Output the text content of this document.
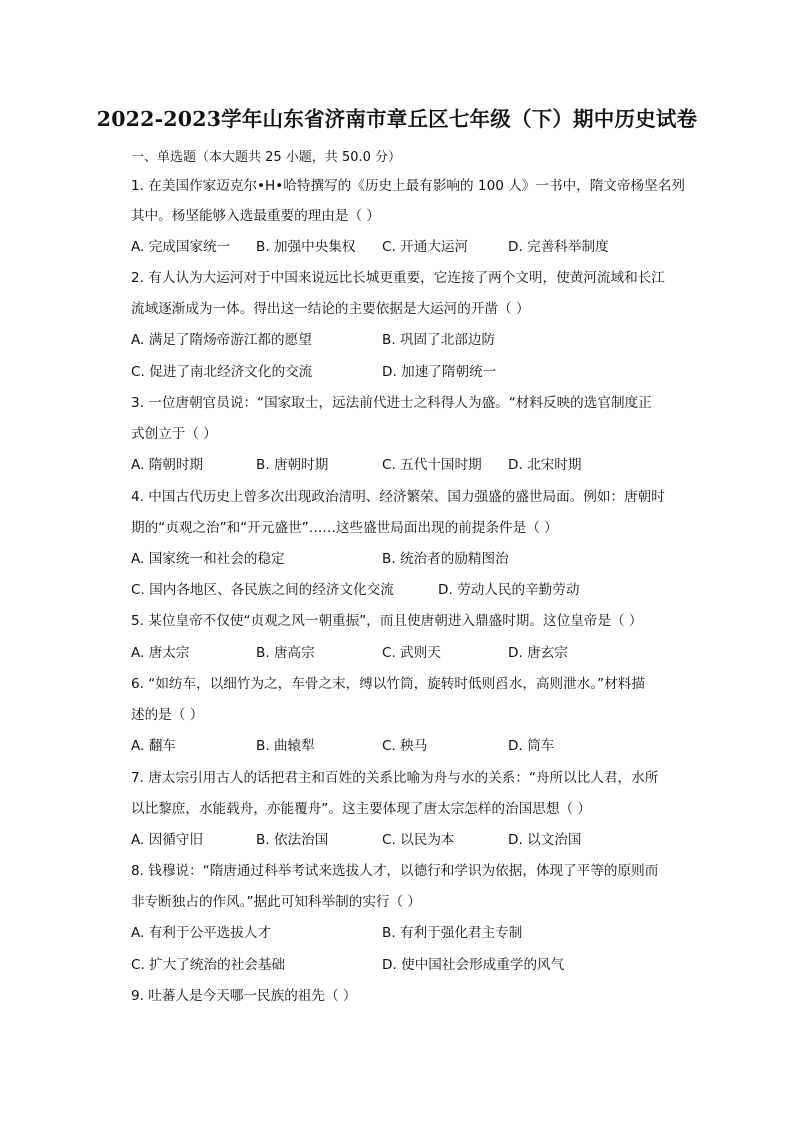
2022-2023学年山东省济南市章丘区七年级（下）期中历史试卷
一、单选题（本大题共 25 小题，共 50.0 分）
1. 在美国作家迈克尔•H•哈特撰写的《历史上最有影响的 100 人》一书中，隋文帝杨坚名列
其中。杨坚能够入选最重要的理由是（ ）
A. 完成国家统一 B. 加强中央集权 C. 开通大运河	D. 完善科举制度
2. 有人认为大运河对于中国来说远比长城更重要，它连接了两个文明，使黄河流域和长江
流域逐渐成为一体。得出这一结论的主要依据是大运河的开凿（ ）
A. 满足了隋炀帝游江都的愿望	B. 巩固了北部边防
C. 促进了南北经济文化的交流	D. 加速了隋朝统一
3. 一位唐朝官员说：“国家取士，远法前代进士之科得人为盛。“材料反映的选官制度正
式创立于（ ）
A. 隋朝时期	B. 唐朝时期	C. 五代十国时期 D. 北宋时期
4. 中国古代历史上曾多次出现政治清明、经济繁荣、国力强盛的盛世局面。例如：唐朝时
期的“贞观之治”和“开元盛世”……这些盛世局面出现的前提条件是（ ）
A. 国家统一和社会的稳定	B. 统治者的励精图治
C. 国内各地区、各民族之间的经济文化交流	D. 劳动人民的辛勤劳动
5. 某位皇帝不仅使“贞观之风一朝重振”，而且使唐朝进入鼎盛时期。这位皇帝是（ ）
A. 唐太宗	B. 唐高宗	C. 武则天	D. 唐玄宗
6. “如纺车，以细竹为之，车骨之末，缚以竹筒，旋转时低则舀水，高则泄水。”材料描
述的是（ ）
A. 翻车	B. 曲辕犁	C. 秧马	D. 筒车
7. 唐太宗引用古人的话把君主和百姓的关系比喻为舟与水的关系：“舟所以比人君，水所
以比黎庶，水能载舟，亦能覆舟”。这主要体现了唐太宗怎样的治国思想（ ）
A. 因循守旧	B. 依法治国	C. 以民为本	D. 以文治国
8. 钱穆说：“隋唐通过科举考试来选拔人才，以德行和学识为依据，体现了平等的原则而
非专断独占的作风。”据此可知科举制的实行（ ）
A. 有利于公平选拔人才	B. 有利于强化君主专制
C. 扩大了统治的社会基础	D. 使中国社会形成重学的风气
9. 吐蕃人是今天哪一民族的祖先（ ）
